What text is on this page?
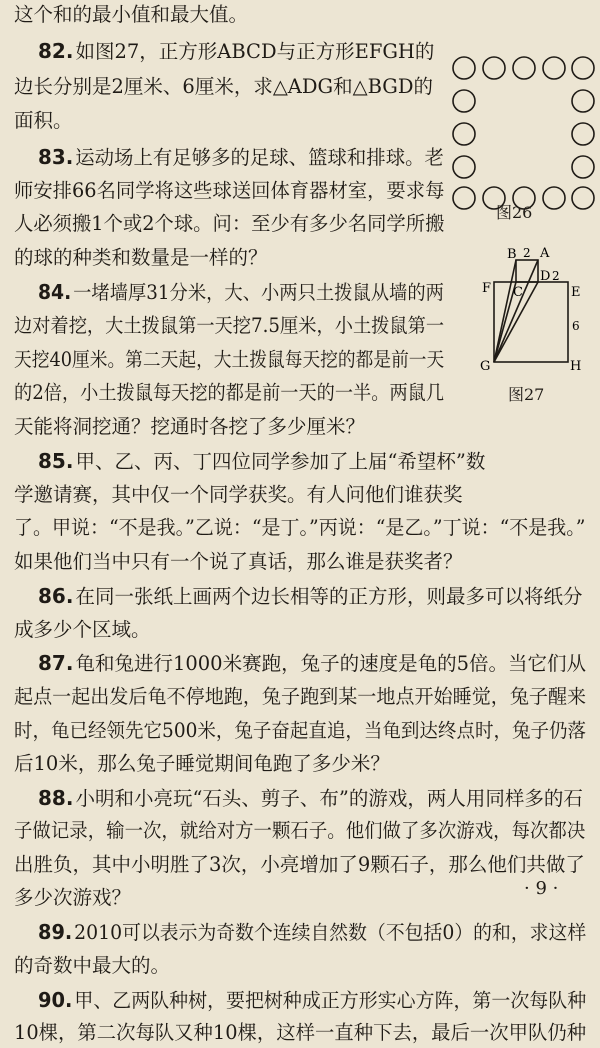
这个和的最小值和最大值。
82. 如图27，正方形ABCD与正方形EFGH的
边长分别是2厘米、6厘米，求△ADG和△BGD的
面积。
83. 运动场上有足够多的足球、篮球和排球。老
师安排66名同学将这些球送回体育器材室，要求每
人必须搬1个或2个球。问：至少有多少名同学所搬
的球的种类和数量是一样的？
84.一堵墙厚31分米，大、小两只土拨鼠从墙的两
边对着挖，大土拨鼠第一天挖7.5厘米，小土拨鼠第一
天挖40厘米。第二天起，大土拨鼠每天挖的都是前一天
的2倍，小土拨鼠每天挖的都是前一天的一半。两鼠几
天能将洞挖通？挖通时各挖了多少厘米？
85. 甲、乙、丙、丁四位同学参加了上届“希望杯”数
学邀请赛，其中仅一个同学获奖。有人问他们谁获奖
了。甲说：“不是我。”乙说：“是丁。”丙说：“是乙。”丁说：“不是我。”
如果他们当中只有一个说了真话，那么谁是获奖者？
86. 在同一张纸上画两个边长相等的正方形，则最多可以将纸分
成多少个区域。
87. 龟和兔进行1000米赛跑，兔子的速度是龟的5倍。当它们从
起点一起出发后龟不停地跑，兔子跑到某一地点开始睡觉，兔子醒来
时，龟已经领先它500米，兔子奋起直追，当龟到达终点时，兔子仍落
后10米，那么兔子睡觉期间龟跑了多少米？
88. 小明和小亮玩“石头、剪子、布”的游戏，两人用同样多的石
子做记录，输一次，就给对方一颗石子。他们做了多次游戏，每次都决
出胜负，其中小明胜了3次，小亮增加了9颗石子，那么他们共做了
多少次游戏？
89.2010可以表示为奇数个连续自然数（不包括0）的和，求这样
的奇数中最大的。
90.甲、乙两队种树，要把树种成正方形实心方阵，第一次每队种
10棵，第二次每队又种10棵，这样一直种下去，最后一次甲队仍种
图26
B 2 A
F C
D 2
E
6
G	H
图27
· 9 ·
